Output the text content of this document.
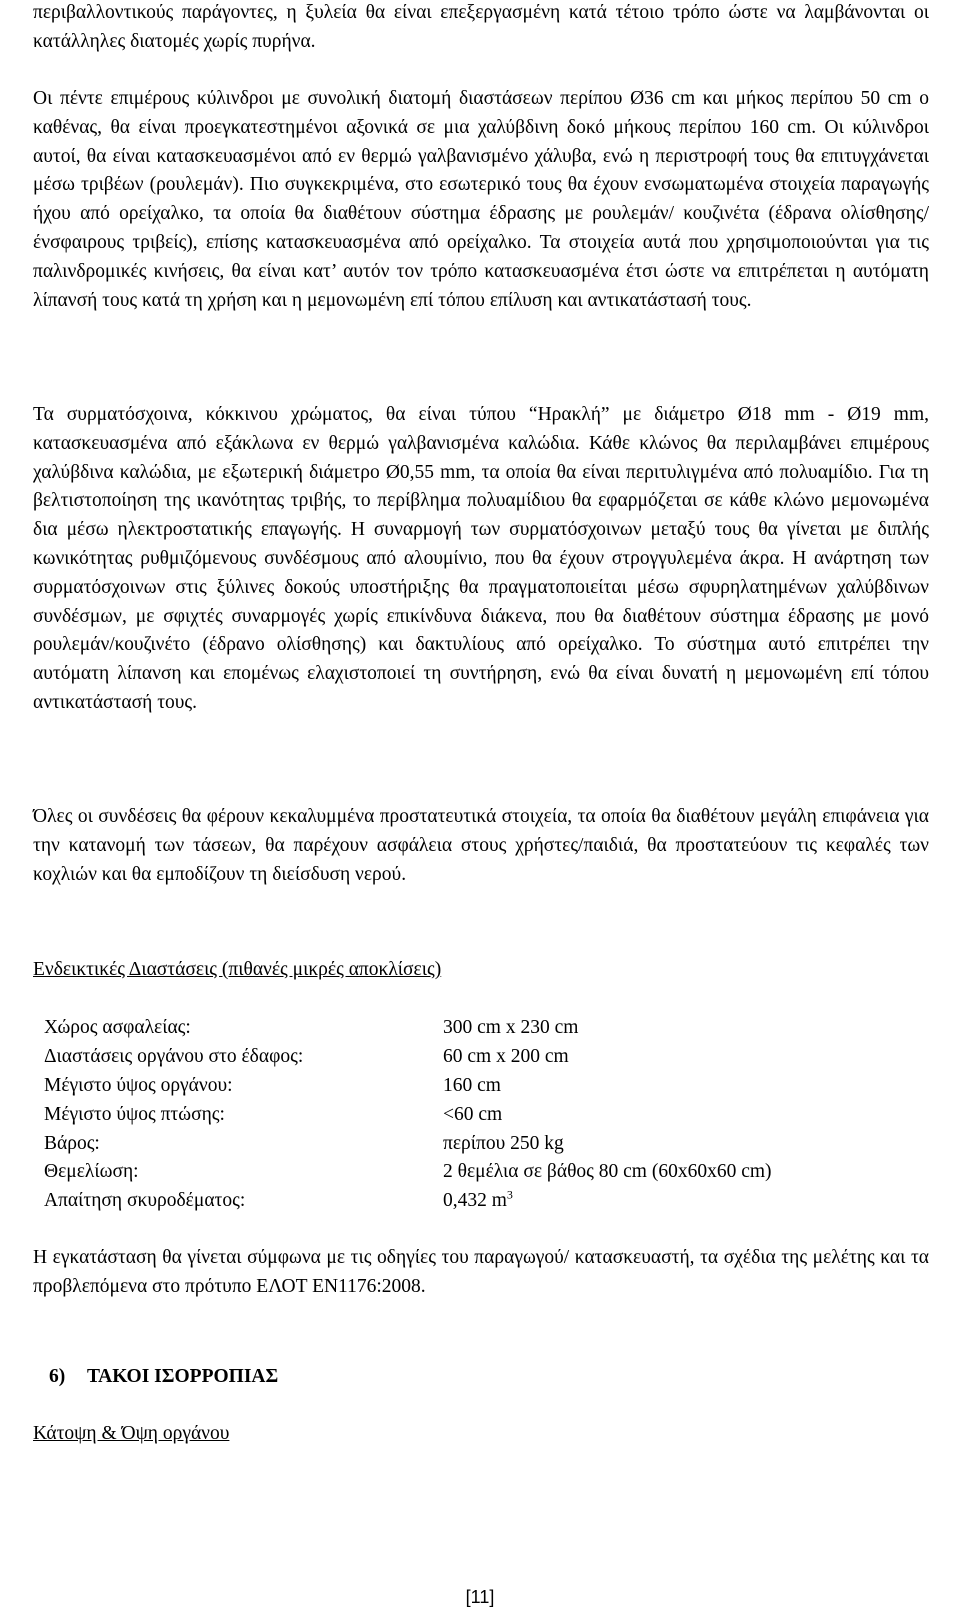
περιβαλλοντικούς παράγοντες, η ξυλεία θα είναι επεξεργασμένη κατά τέτοιο τρόπο ώστε να λαμβάνονται οι κατάλληλες διατομές χωρίς πυρήνα.

Οι πέντε επιμέρους κύλινδροι με συνολική διατομή διαστάσεων περίπου Ø36 cm και μήκος περίπου 50 cm ο καθένας, θα είναι προεγκατεστημένοι αξονικά σε μια χαλύβδινη δοκό μήκους περίπου 160 cm. Οι κύλινδροι αυτοί, θα είναι κατασκευασμένοι από εν θερμώ γαλβανισμένο χάλυβα, ενώ η περιστροφή τους θα επιτυγχάνεται μέσω τριβέων (ρουλεμάν). Πιο συγκεκριμένα, στο εσωτερικό τους θα έχουν ενσωματωμένα στοιχεία παραγωγής ήχου από ορείχαλκο, τα οποία θα διαθέτουν σύστημα έδρασης με ρουλεμάν/ κουζινέτα (έδρανα ολίσθησης/ ένσφαιρους τριβείς), επίσης κατασκευασμένα από ορείχαλκο. Τα στοιχεία αυτά που χρησιμοποιούνται για τις παλινδρομικές κινήσεις, θα είναι κατ’ αυτόν τον τρόπο κατασκευασμένα έτσι ώστε να επιτρέπεται η αυτόματη λίπανσή τους κατά τη χρήση και η μεμονωμένη επί τόπου επίλυση και αντικατάστασή τους.

Τα συρματόσχοινα, κόκκινου χρώματος, θα είναι τύπου “Ηρακλή” με διάμετρο Ø18 mm - Ø19 mm, κατασκευασμένα από εξάκλωνα εν θερμώ γαλβανισμένα καλώδια. Κάθε κλώνος θα περιλαμβάνει επιμέρους χαλύβδινα καλώδια, με εξωτερική διάμετρο Ø0,55 mm, τα οποία θα είναι περιτυλιγμένα από πολυαμίδιο. Για τη βελτιστοποίηση της ικανότητας τριβής, το περίβλημα πολυαμίδιου θα εφαρμόζεται σε κάθε κλώνο μεμονωμένα δια μέσω ηλεκτροστατικής επαγωγής. Η συναρμογή των συρματόσχοινων μεταξύ τους θα γίνεται με διπλής κωνικότητας ρυθμιζόμενους συνδέσμους από αλουμίνιο, που θα έχουν στρογγυλεμένα άκρα. Η ανάρτηση των συρματόσχοινων στις ξύλινες δοκούς υποστήριξης θα πραγματοποιείται μέσω σφυρηλατημένων χαλύβδινων συνδέσμων, με σφιχτές συναρμογές χωρίς επικίνδυνα διάκενα, που θα διαθέτουν σύστημα έδρασης με μονό ρουλεμάν/κουζινέτο (έδρανο ολίσθησης) και δακτυλίους από ορείχαλκο. Το σύστημα αυτό επιτρέπει την αυτόματη λίπανση και επομένως ελαχιστοποιεί τη συντήρηση, ενώ θα είναι δυνατή η μεμονωμένη επί τόπου αντικατάστασή τους.

Όλες οι συνδέσεις θα φέρουν κεκαλυμμένα προστατευτικά στοιχεία, τα οποία θα διαθέτουν μεγάλη επιφάνεια για την κατανομή των τάσεων, θα παρέχουν ασφάλεια στους χρήστες/παιδιά, θα προστατεύουν τις κεφαλές των κοχλιών και θα εμποδίζουν τη διείσδυση νερού.

Ενδεικτικές Διαστάσεις (πιθανές μικρές αποκλίσεις)
Χώρος ασφαλείας:	300 cm x 230 cm
Διαστάσεις οργάνου στο έδαφος:	60 cm x 200 cm
Μέγιστο ύψος οργάνου:	160 cm
Μέγιστο ύψος πτώσης:	<60 cm
Βάρος:	περίπου 250 kg
Θεμελίωση:	2 θεμέλια σε βάθος 80 cm (60x60x60 cm)
Απαίτηση σκυροδέματος:	0,432 $m^3$

Η εγκατάσταση θα γίνεται σύμφωνα με τις οδηγίες του παραγωγού/ κατασκευαστή, τα σχέδια της μελέτης και τα προβλεπόμενα στο πρότυπο ΕΛΟΤ ΕΝ1176:2008.

6) ΤΑΚΟΙ ΙΣΟΡΡΟΠΙΑΣ
Κάτοψη & Όψη οργάνου
[11]
